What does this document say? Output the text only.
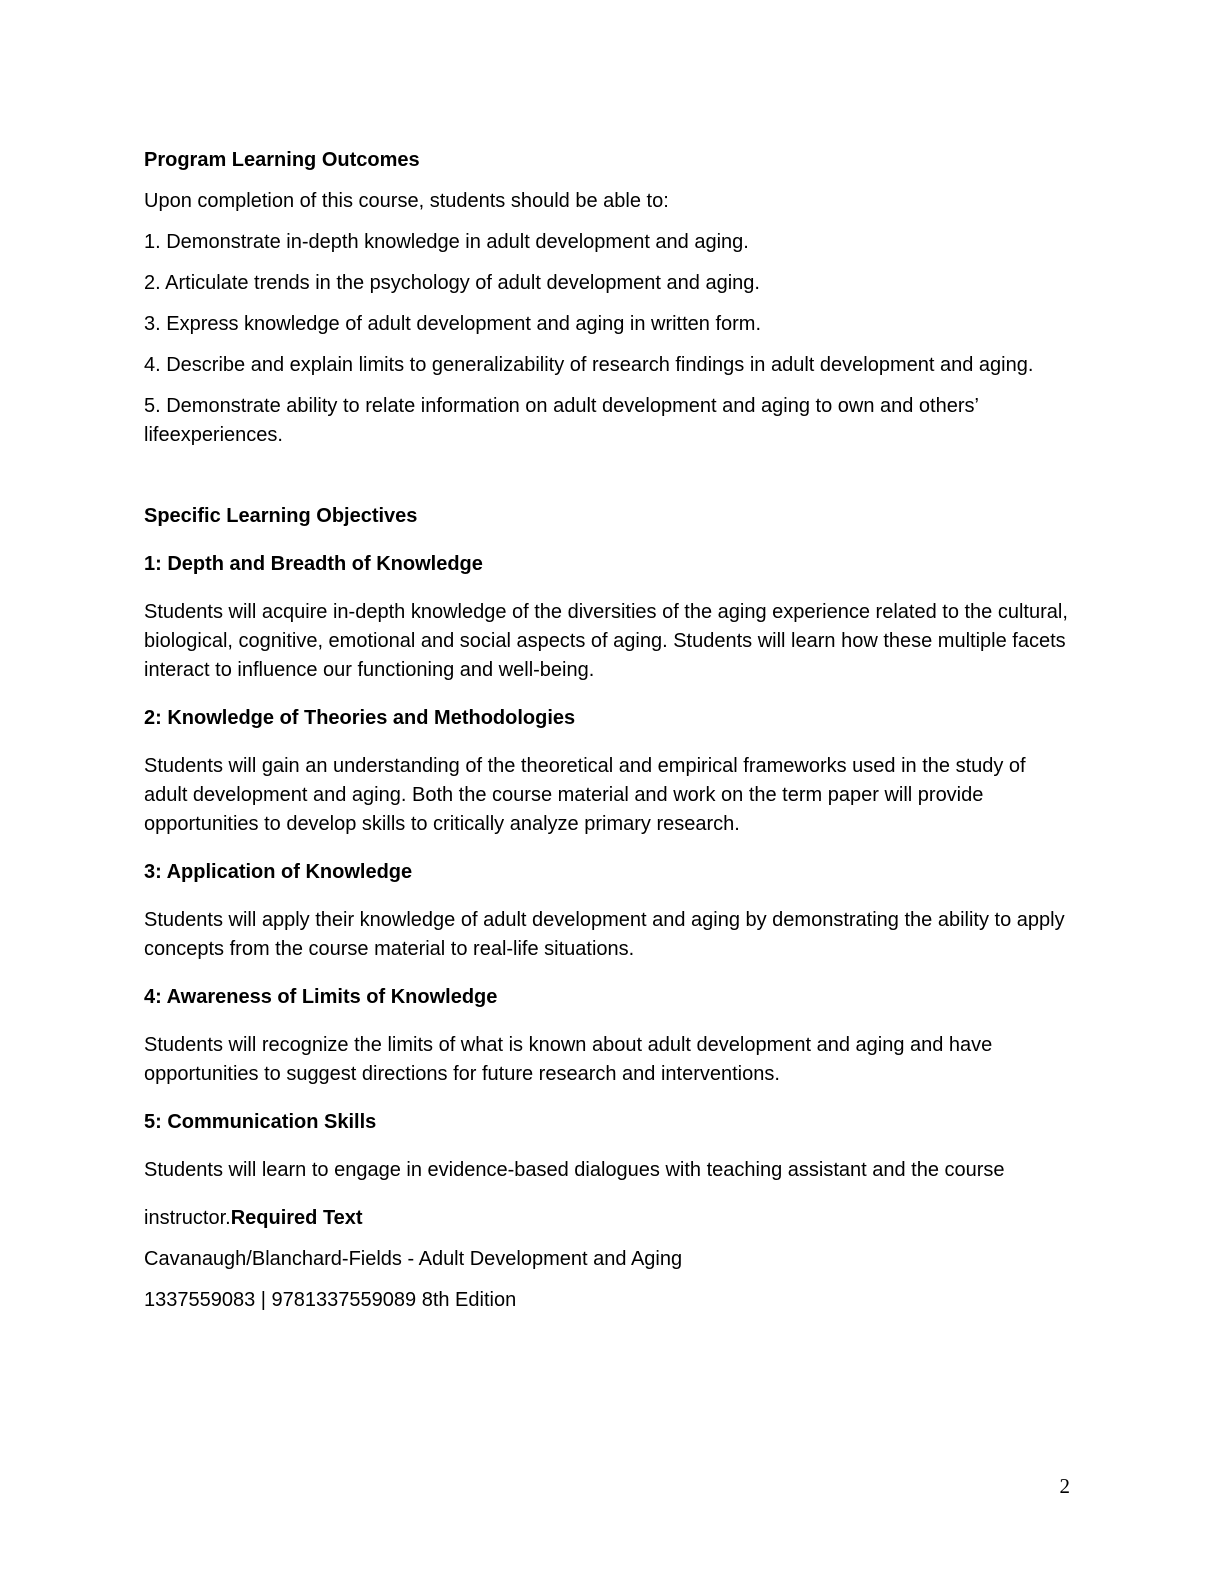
Program Learning Outcomes

Upon completion of this course, students should be able to:

1. Demonstrate in-depth knowledge in adult development and aging.

2. Articulate trends in the psychology of adult development and aging.

3. Express knowledge of adult development and aging in written form.

4. Describe and explain limits to generalizability of research findings in adult development and aging.

5. Demonstrate ability to relate information on adult development and aging to own and others’ lifeexperiences.

Specific Learning Objectives

1: Depth and Breadth of Knowledge

Students will acquire in-depth knowledge of the diversities of the aging experience related to the cultural, biological, cognitive, emotional and social aspects of aging. Students will learn how these multiple facets interact to influence our functioning and well-being.

2: Knowledge of Theories and Methodologies

Students will gain an understanding of the theoretical and empirical frameworks used in the study of adult development and aging. Both the course material and work on the term paper will provide opportunities to develop skills to critically analyze primary research.

3: Application of Knowledge

Students will apply their knowledge of adult development and aging by demonstrating the ability to apply concepts from the course material to real-life situations.

4: Awareness of Limits of Knowledge

Students will recognize the limits of what is known about adult development and aging and have opportunities to suggest directions for future research and interventions.

5: Communication Skills

Students will learn to engage in evidence-based dialogues with teaching assistant and the course

instructor.Required Text

Cavanaugh/Blanchard-Fields - Adult Development and Aging

1337559083 | 9781337559089 8th Edition

2
